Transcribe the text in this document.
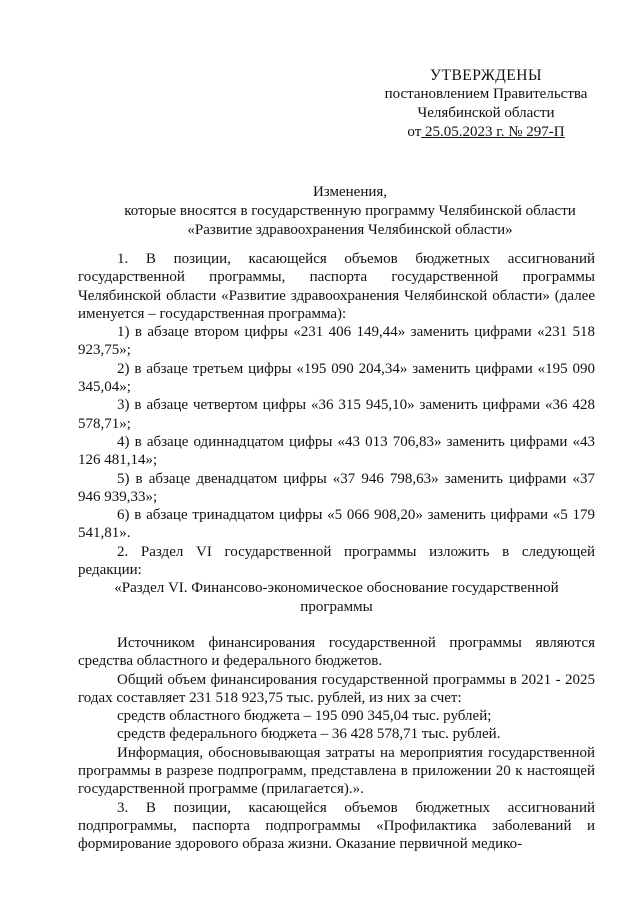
УТВЕРЖДЕНЫ
постановлением Правительства
Челябинской области
от 25.05.2023 г. № 297-П
Изменения,
которые вносятся в государственную программу Челябинской области
«Развитие здравоохранения Челябинской области»

1. В позиции, касающейся объемов бюджетных ассигнований государственной программы, паспорта государственной программы Челябинской области «Развитие здравоохранения Челябинской области» (далее именуется – государственная программа):

1) в абзаце втором цифры «231 406 149,44» заменить цифрами «231 518 923,75»;

2) в абзаце третьем цифры «195 090 204,34» заменить цифрами «195 090 345,04»;

3) в абзаце четвертом цифры «36 315 945,10» заменить цифрами «36 428 578,71»;

4) в абзаце одиннадцатом цифры «43 013 706,83» заменить цифрами «43 126 481,14»;

5) в абзаце двенадцатом цифры «37 946 798,63» заменить цифрами «37 946 939,33»;

6) в абзаце тринадцатом цифры «5 066 908,20» заменить цифрами «5 179 541,81».

2. Раздел VI государственной программы изложить в следующей редакции:

«Раздел VI. Финансово-экономическое обоснование государственной программы

Источником финансирования государственной программы являются средства областного и федерального бюджетов.

Общий объем финансирования государственной программы в 2021 - 2025 годах составляет 231 518 923,75 тыс. рублей, из них за счет:

средств областного бюджета – 195 090 345,04 тыс. рублей;

средств федерального бюджета – 36 428 578,71 тыс. рублей.

Информация, обосновывающая затраты на мероприятия государственной программы в разрезе подпрограмм, представлена в приложении 20 к настоящей государственной программе (прилагается).».

3. В позиции, касающейся объемов бюджетных ассигнований подпрограммы, паспорта подпрограммы «Профилактика заболеваний и формирование здорового образа жизни. Оказание первичной медико-
